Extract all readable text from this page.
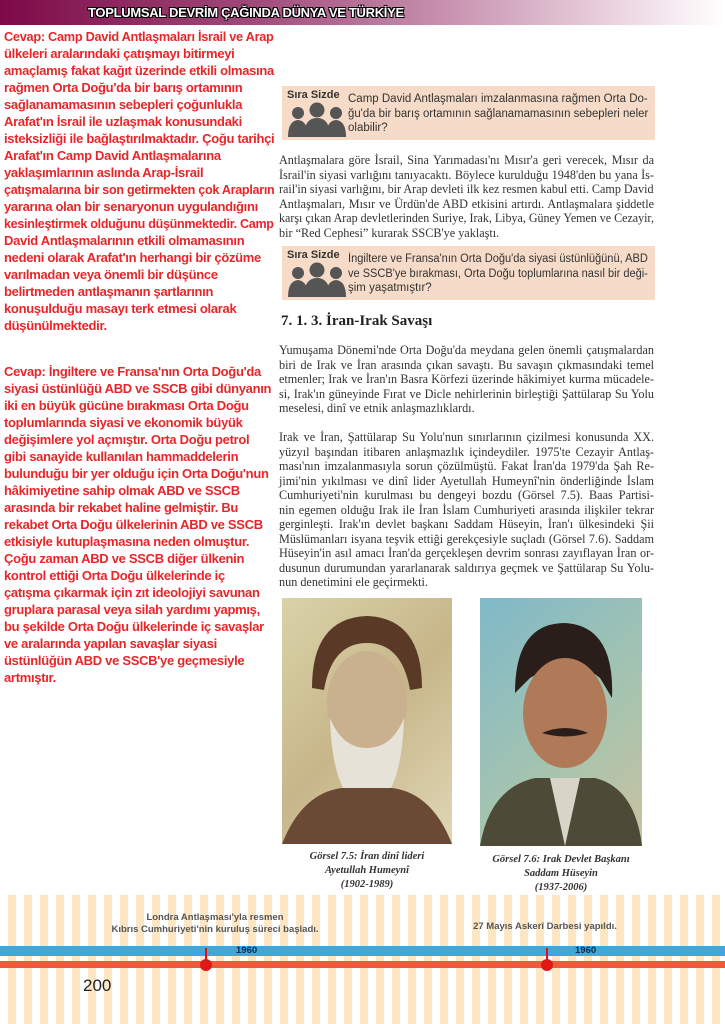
TOPLUMSAL DEVRİM ÇAĞINDA DÜNYA VE TÜRKİYE
Cevap: Camp David Antlaşmaları İsrail ve Arap
ülkeleri aralarındaki çatışmayı bitirmeyi
amaçlamış fakat kağıt üzerinde etkili olmasına
rağmen Orta Doğu'da bir barış ortamının
sağlanamamasının sebepleri çoğunlukla
Arafat'ın İsrail ile uzlaşmak konusundaki
isteksizliği ile bağlaştırılmaktadır. Çoğu tarihçi
Arafat'ın Camp David Antlaşmalarına
yaklaşımlarının aslında Arap-İsrail
çatışmalarına bir son getirmekten çok Arapların
yararına olan bir senaryonun uygulandığını
kesinleştirmek olduğunu düşünmektedir. Camp
David Antlaşmalarının etkili olmamasının
nedeni olarak Arafat'ın herhangi bir çözüme
varılmadan veya önemli bir düşünce
belirtmeden antlaşmanın şartlarının
konuşulduğu masayı terk etmesi olarak
düşünülmektedir.
Cevap: İngiltere ve Fransa'nın Orta Doğu'da
siyasi üstünlüğü ABD ve SSCB gibi dünyanın
iki en büyük gücüne bırakması Orta Doğu
toplumlarında siyasi ve ekonomik büyük
değişimlere yol açmıştır. Orta Doğu petrol
gibi sanayide kullanılan hammaddelerin
bulunduğu bir yer olduğu için Orta Doğu'nun
hâkimiyetine sahip olmak ABD ve SSCB
arasında bir rekabet haline gelmiştir. Bu
rekabet Orta Doğu ülkelerinin ABD ve SSCB
etkisiyle kutuplaşmasına neden olmuştur.
Çoğu zaman ABD ve SSCB diğer ülkenin
kontrol ettiği Orta Doğu ülkelerinde iç
çatışma çıkarmak için zıt ideolojiyi savunan
gruplara parasal veya silah yardımı yapmış,
bu şekilde Orta Doğu ülkelerinde iç savaşlar
ve aralarında yapılan savaşlar siyasi
üstünlüğün ABD ve SSCB'ye geçmesiyle
artmıştır.
Sıra Sizde Camp David Antlaşmaları imzalanmasına rağmen Orta Do-
ğu'da bir barış ortamının sağlanamamasının sebepleri neler
olabilir?
Antlaşmalara göre İsrail, Sina Yarımadası'nı Mısır'a geri verecek, Mısır da
İsrail'in siyasi varlığını tanıyacaktı. Böylece kurulduğu 1948'den bu yana İs-
rail'in siyasi varlığını, bir Arap devleti ilk kez resmen kabul etti. Camp David
Antlaşmaları, Mısır ve Ürdün'de ABD etkisini artırdı. Antlaşmalara şiddetle
karşı çıkan Arap devletlerinden Suriye, Irak, Libya, Güney Yemen ve Cezayir,
bir “Red Cephesi” kurarak SSCB'ye yaklaştı.
Sıra Sizde İngiltere ve Fransa'nın Orta Doğu'da siyasi üstünlüğünü, ABD
ve SSCB'ye bırakması, Orta Doğu toplumlarına nasıl bir deği-
şim yaşatmıştır?
7. 1. 3. İran-Irak Savaşı
Yumuşama Dönemi'nde Orta Doğu'da meydana gelen önemli çatışmalardan
biri de Irak ve İran arasında çıkan savaştı. Bu savaşın çıkmasındaki temel
etmenler; Irak ve İran'ın Basra Körfezi üzerinde hâkimiyet kurma mücadele-
si, Irak'ın güneyinde Fırat ve Dicle nehirlerinin birleştiği Şattülarap Su Yolu
meselesi, dinî ve etnik anlaşmazlıklardı.
Irak ve İran, Şattülarap Su Yolu'nun sınırlarının çizilmesi konusunda XX.
yüzyıl başından itibaren anlaşmazlık içindeydiler. 1975'te Cezayir Antlaş-
ması'nın imzalanmasıyla sorun çözülmüştü. Fakat İran'da 1979'da Şah Re-
jimi'nin yıkılması ve dinî lider Ayetullah Humeynî'nin önderliğinde İslam
Cumhuriyeti'nin kurulması bu dengeyi bozdu (Görsel 7.5). Baas Partisi-
nin egemen olduğu Irak ile İran İslam Cumhuriyeti arasında ilişkiler tekrar
gerginleşti. Irak'ın devlet başkanı Saddam Hüseyin, İran'ı ülkesindeki Şii
Müslümanları isyana teşvik ettiği gerekçesiyle suçladı (Görsel 7.6). Saddam
Hüseyin'in asıl amacı İran'da gerçekleşen devrim sonrası zayıflayan İran or-
dusunun durumundan yararlanarak saldırıya geçmek ve Şattülarap Su Yolu-
nun denetimini ele geçirmekti.
Görsel 7.5: İran dinî lideri
Ayetullah Humeynî
(1902-1989)
Görsel 7.6: Irak Devlet Başkanı
Saddam Hüseyin
(1937-2006)
Londra Antlaşması'yla resmen
Kıbrıs Cumhuriyeti'nin kuruluş süreci başladı.	27 Mayıs Askerî Darbesi yapıldı.
1960	1960
200
